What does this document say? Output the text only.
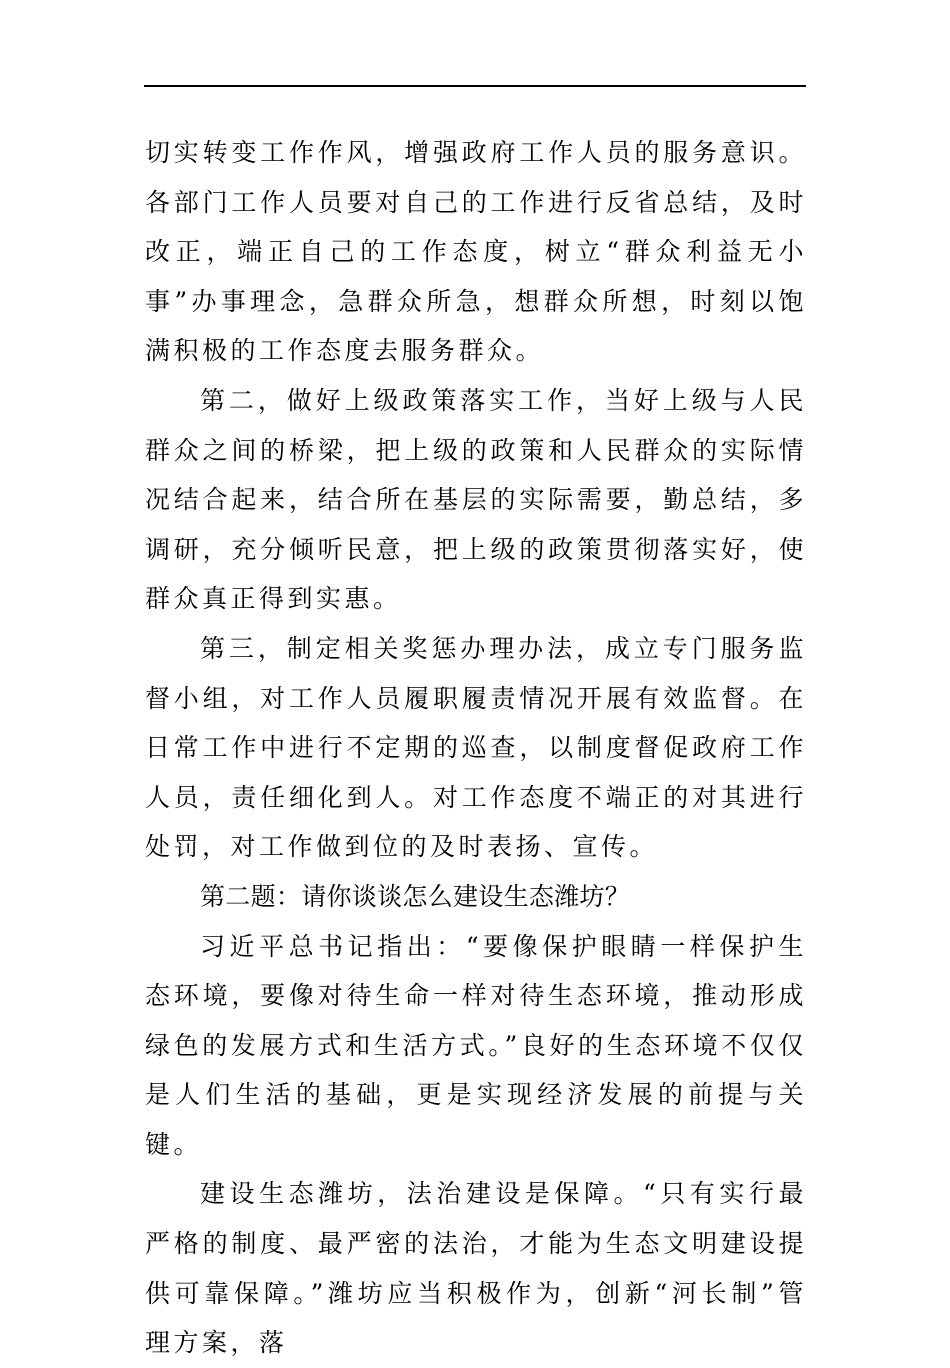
切实转变工作作风，增强政府工作人员的服务意识。各部门工作人员要对自己的工作进行反省总结，及时改正，端正自己的工作态度，树立“群众利益无小事”办事理念，急群众所急，想群众所想，时刻以饱满积极的工作态度去服务群众。

第二，做好上级政策落实工作，当好上级与人民群众之间的桥梁，把上级的政策和人民群众的实际情况结合起来，结合所在基层的实际需要，勤总结，多调研，充分倾听民意，把上级的政策贯彻落实好，使群众真正得到实惠。

第三，制定相关奖惩办理办法，成立专门服务监督小组，对工作人员履职履责情况开展有效监督。在日常工作中进行不定期的巡查，以制度督促政府工作人员，责任细化到人。对工作态度不端正的对其进行处罚，对工作做到位的及时表扬、宣传。

第二题：请你谈谈怎么建设生态潍坊？

习近平总书记指出：“要像保护眼睛一样保护生态环境，要像对待生命一样对待生态环境，推动形成绿色的发展方式和生活方式。”良好的生态环境不仅仅是人们生活的基础，更是实现经济发展的前提与关键。

建设生态潍坊，法治建设是保障。“只有实行最严格的制度、最严密的法治，才能为生态文明建设提供可靠保障。”潍坊应当积极作为，创新“河长制”管理方案，落
